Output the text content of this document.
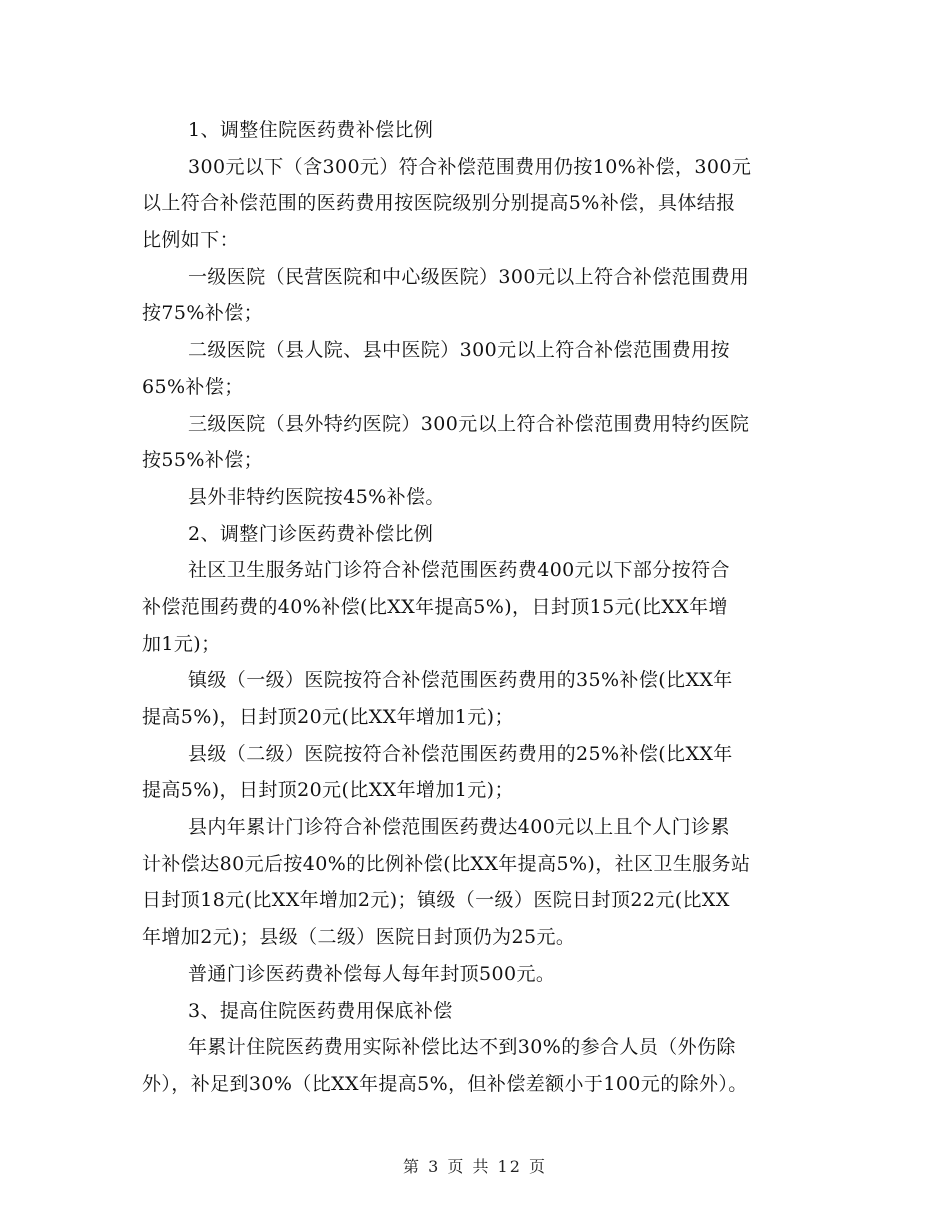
1、调整住院医药费补偿比例
300元以下（含300元）符合补偿范围费用仍按10%补偿，300元
以上符合补偿范围的医药费用按医院级别分别提高5%补偿，具体结报
比例如下：
一级医院（民营医院和中心级医院）300元以上符合补偿范围费用
按75%补偿；
二级医院（县人院、县中医院）300元以上符合补偿范围费用按
65%补偿；
三级医院（县外特约医院）300元以上符合补偿范围费用特约医院
按55%补偿；
县外非特约医院按45%补偿。
2、调整门诊医药费补偿比例
社区卫生服务站门诊符合补偿范围医药费400元以下部分按符合
补偿范围药费的40%补偿(比XX年提高5%)，日封顶15元(比XX年增
加1元)；
镇级（一级）医院按符合补偿范围医药费用的35%补偿(比XX年
提高5%)，日封顶20元(比XX年增加1元)；
县级（二级）医院按符合补偿范围医药费用的25%补偿(比XX年
提高5%)，日封顶20元(比XX年增加1元)；
县内年累计门诊符合补偿范围医药费达400元以上且个人门诊累
计补偿达80元后按40%的比例补偿(比XX年提高5%)，社区卫生服务站
日封顶18元(比XX年增加2元)；镇级（一级）医院日封顶22元(比XX
年增加2元)；县级（二级）医院日封顶仍为25元。
普通门诊医药费补偿每人每年封顶500元。
3、提高住院医药费用保底补偿
年累计住院医药费用实际补偿比达不到30%的参合人员（外伤除
外），补足到30%（比XX年提高5%，但补偿差额小于100元的除外）。
第 3 页 共 12 页
